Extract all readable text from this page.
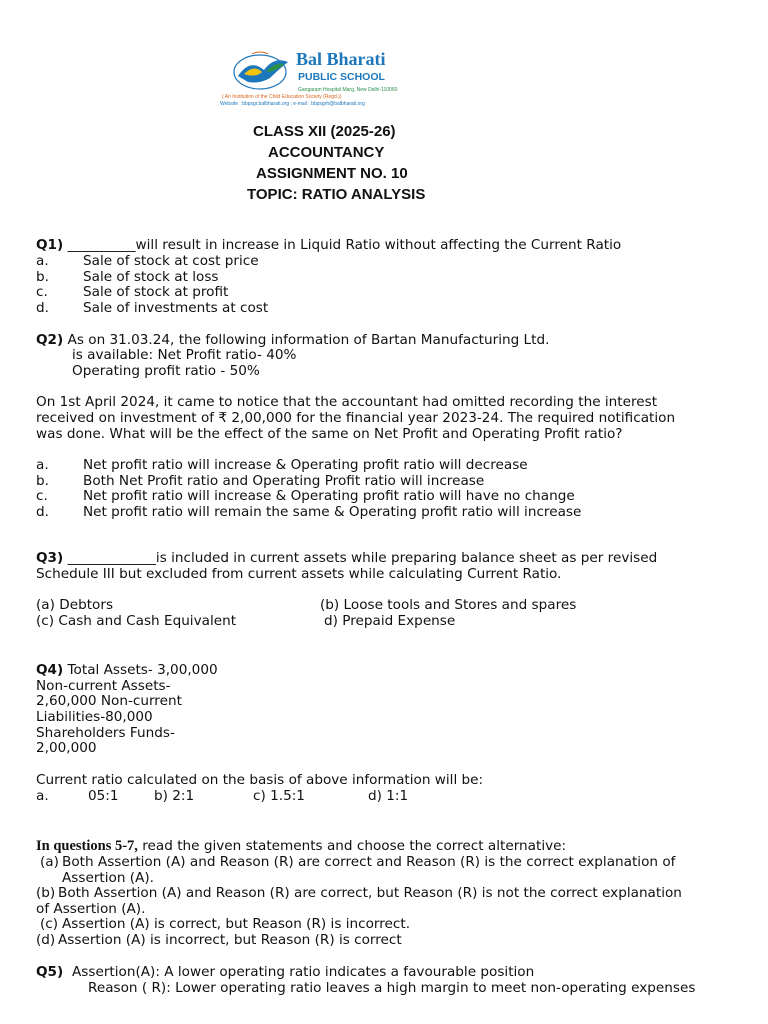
Bal Bharati
PUBLIC SCHOOL
Gangaram Hospital Marg, New Delhi-110060
( An Institution of the Child Education Society (Regd.))
Website : bbpsgr.balbharati.org ; e-mail : bbpsgrh@balbharati.org
CLASS XII (2025-26)
ACCOUNTANCY
ASSIGNMENT NO. 10
TOPIC: RATIO ANALYSIS
Q1) __________will result in increase in Liquid Ratio without affecting the Current Ratio
a.	Sale of stock at cost price
b.	Sale of stock at loss
c.	Sale of stock at profit
d.	Sale of investments at cost
Q2) As on 31.03.24, the following information of Bartan Manufacturing Ltd.
is available: Net Profit ratio- 40%
Operating profit ratio - 50%
On 1st April 2024, it came to notice that the accountant had omitted recording the interest
received on investment of ₹ 2,00,000 for the financial year 2023-24. The required notification
was done. What will be the effect of the same on Net Profit and Operating Profit ratio?
a.	Net profit ratio will increase & Operating profit ratio will decrease
b.	Both Net Profit ratio and Operating Profit ratio will increase
c.	Net profit ratio will increase & Operating profit ratio will have no change
d.	Net profit ratio will remain the same & Operating profit ratio will increase
Q3) _____________is included in current assets while preparing balance sheet as per revised
Schedule III but excluded from current assets while calculating Current Ratio.
(a) Debtors	(b) Loose tools and Stores and spares
(c) Cash and Cash Equivalent	d) Prepaid Expense
Q4) Total Assets- 3,00,000
Non-current Assets-
2,60,000 Non-current
Liabilities-80,000
Shareholders Funds-
2,00,000
Current ratio calculated on the basis of above information will be:
a.	05:1	b) 2:1	c) 1.5:1	d) 1:1
In questions 5-7, read the given statements and choose the correct alternative:
(a) Both Assertion (A) and Reason (R) are correct and Reason (R) is the correct explanation of
Assertion (A).
(b) Both Assertion (A) and Reason (R) are correct, but Reason (R) is not the correct explanation
of Assertion (A).
(c) Assertion (A) is correct, but Reason (R) is incorrect.
(d) Assertion (A) is incorrect, but Reason (R) is correct
Q5) Assertion(A): A lower operating ratio indicates a favourable position
Reason ( R): Lower operating ratio leaves a high margin to meet non-operating expenses
